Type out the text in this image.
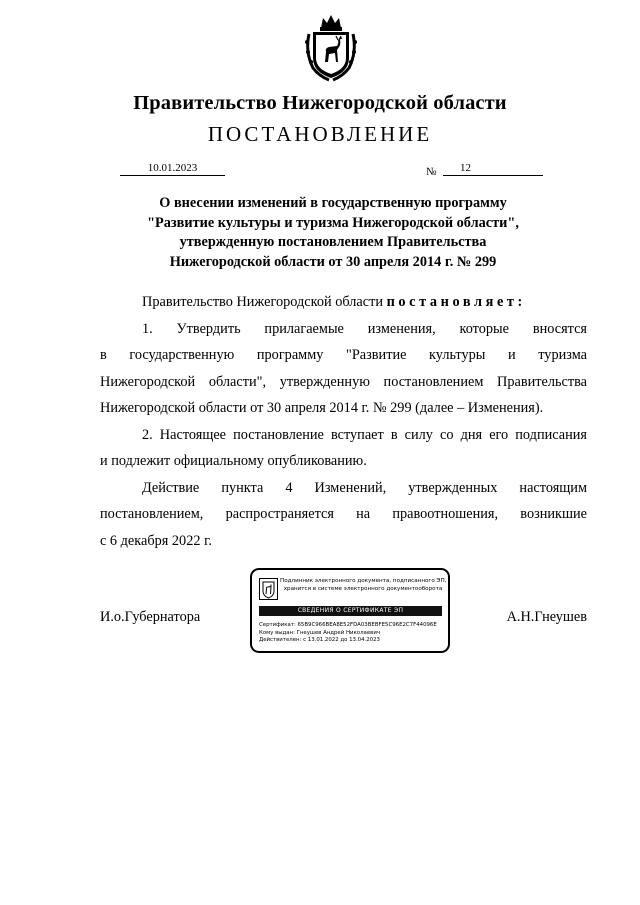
Правительство Нижегородской области
ПОСТАНОВЛЕНИЕ
10.01.2023	№	12
О внесении изменений в государственную программу
"Развитие культуры и туризма Нижегородской области",
утвержденную постановлением Правительства
Нижегородской области от 30 апреля 2014 г. № 299
Правительство Нижегородской области постановляет:
1. Утвердить прилагаемые изменения, которые вносятся
в государственную программу "Развитие культуры и туризма
Нижегородской области", утвержденную постановлением Правительства
Нижегородской области от 30 апреля 2014 г. № 299 (далее – Изменения).
2. Настоящее постановление вступает в силу со дня его подписания
и подлежит официальному опубликованию.
Действие пункта 4 Изменений, утвержденных настоящим
постановлением, распространяется на правоотношения, возникшие
с 6 декабря 2022 г.
И.о.Губернатора	А.Н.Гнеушев
Подлинник электронного документа, подписанного ЭП,
хранится в системе электронного документооборота
СВЕДЕНИЯ О СЕРТИФИКАТЕ ЭП
Сертификат: 65B9C966BEA8E52FDA03BEBFE5C96E2C7F44096E
Кому выдан: Гнеушев Андрей Николаевич
Действителен: с 13.01.2022 до 13.04.2023
